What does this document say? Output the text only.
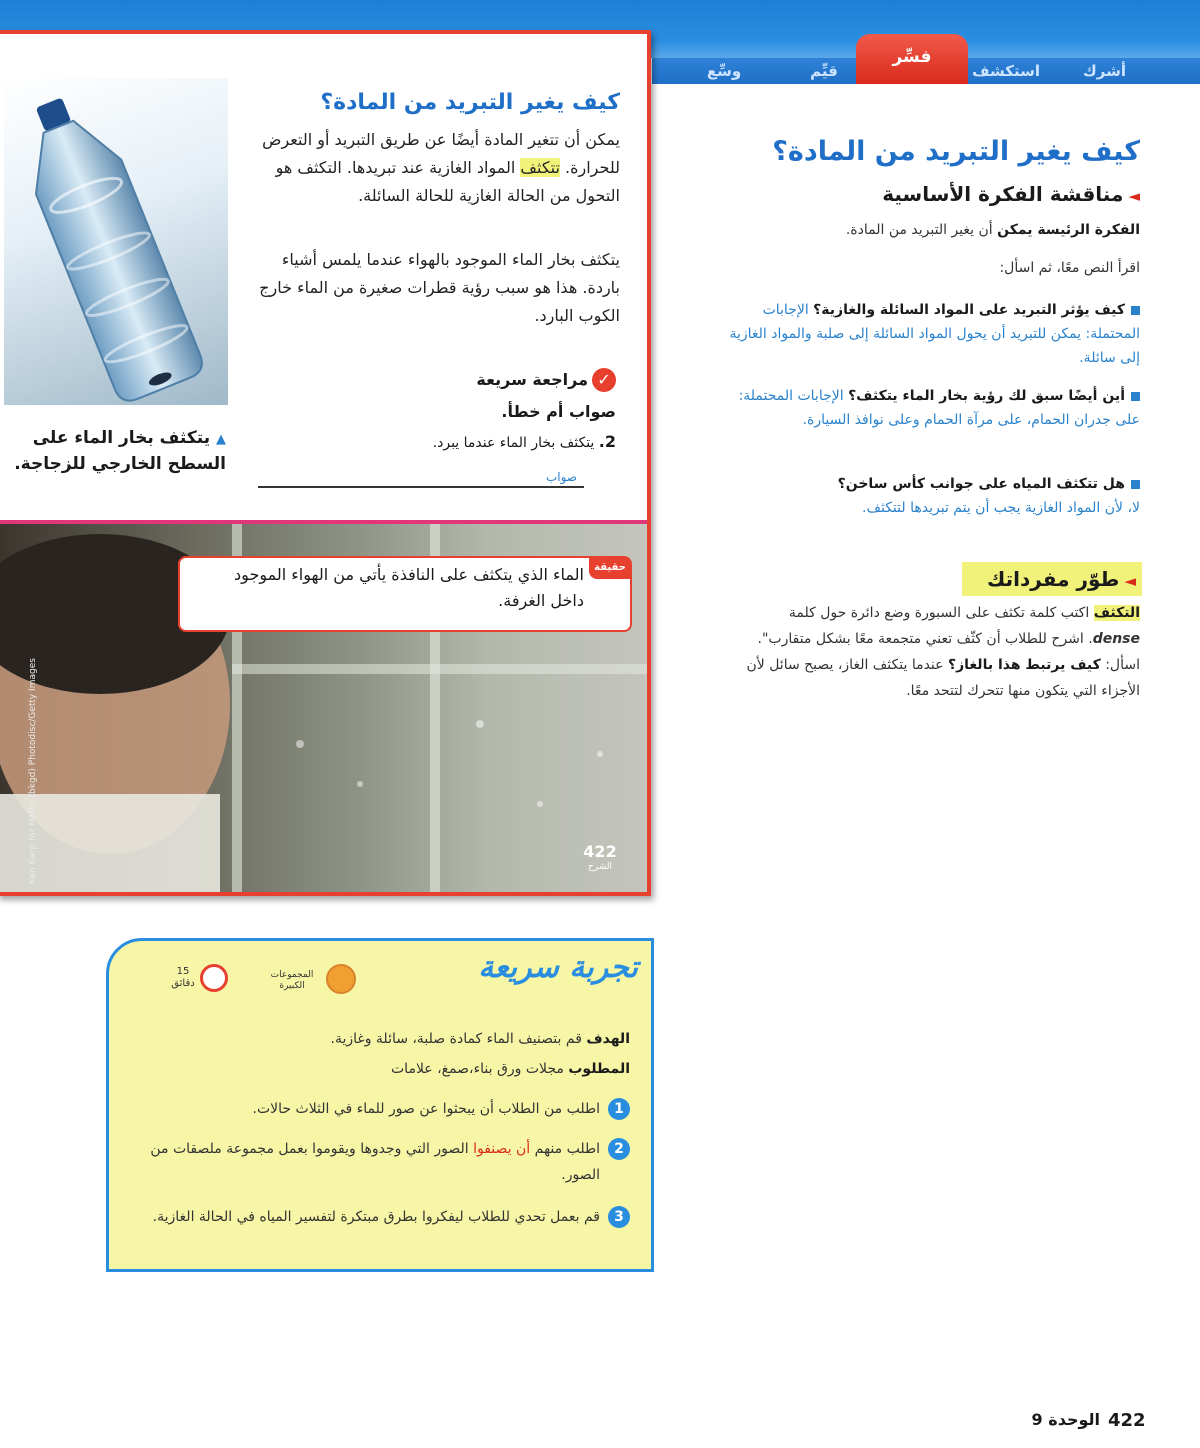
أشرك
استكشف
فسِّر
قيِّم
وسِّع
كيف يغير التبريد من المادة؟
يمكن أن تتغير المادة أيضًا عن طريق التبريد أو التعرض للحرارة. تتكثف المواد الغازية عند تبريدها. التكثف هو التحول من الحالة الغازية للحالة السائلة.
يتكثف بخار الماء الموجود بالهواء عندما يلمس أشياء باردة. هذا هو سبب رؤية قطرات صغيرة من الماء خارج الكوب البارد.
✓
مراجعة سريعة
صواب أم خطأ.
2. يتكثف بخار الماء عندما يبرد.
صواب
▲ يتكثف بخار الماء على السطح الخارجي للزجاجة.
Ken Karp for MMH; (bkgd) Photodisc/Getty Images	422
الشرح
حقيقة
الماء الذي يتكثف على النافذة يأتي من الهواء الموجود داخل الغرفة.
كيف يغير التبريد من المادة؟
◄ مناقشة الفكرة الأساسية
الفكرة الرئيسة يمكن أن يغير التبريد من المادة.
اقرأ النص معًا، ثم اسأل:
كيف يؤثر التبريد على المواد السائلة والغازية؟ الإجابات المحتملة: يمكن للتبريد أن يحول المواد السائلة إلى صلبة والمواد الغازية إلى سائلة.
أين أيضًا سبق لك رؤية بخار الماء يتكثف؟ الإجابات المحتملة: على جدران الحمام، على مرآة الحمام وعلى نوافذ السيارة.
هل تتكثف المياه على جوانب كأس ساخن؟
لا، لأن المواد الغازية يجب أن يتم تبريدها لتتكثف.
◄ طوّر مفرداتك
التكثف اكتب كلمة تكثف على السبورة وضع دائرة حول كلمة dense. اشرح للطلاب أن كثّف تعني متجمعة معًا بشكل متقارب". اسأل: كيف يرتبط هذا بالغاز؟ عندما يتكثف الغاز، يصبح سائل لأن الأجزاء التي يتكون منها تتحرك لتتحد معًا.
تجربة سريعة
المجموعات الكبيرة
15
دقائق
الهدف قم بتصنيف الماء كمادة صلبة، سائلة وغازية.
المطلوب مجلات ورق بناء،صمغ، علامات
1
اطلب من الطلاب أن يبحثوا عن صور للماء في الثلاث حالات.
2
اطلب منهم أن يصنفوا الصور التي وجدوها ويقوموا بعمل مجموعة ملصقات من الصور.
3
قم بعمل تحدي للطلاب ليفكروا بطرق مبتكرة لتفسير المياه في الحالة الغازية.
422
الوحدة 9
